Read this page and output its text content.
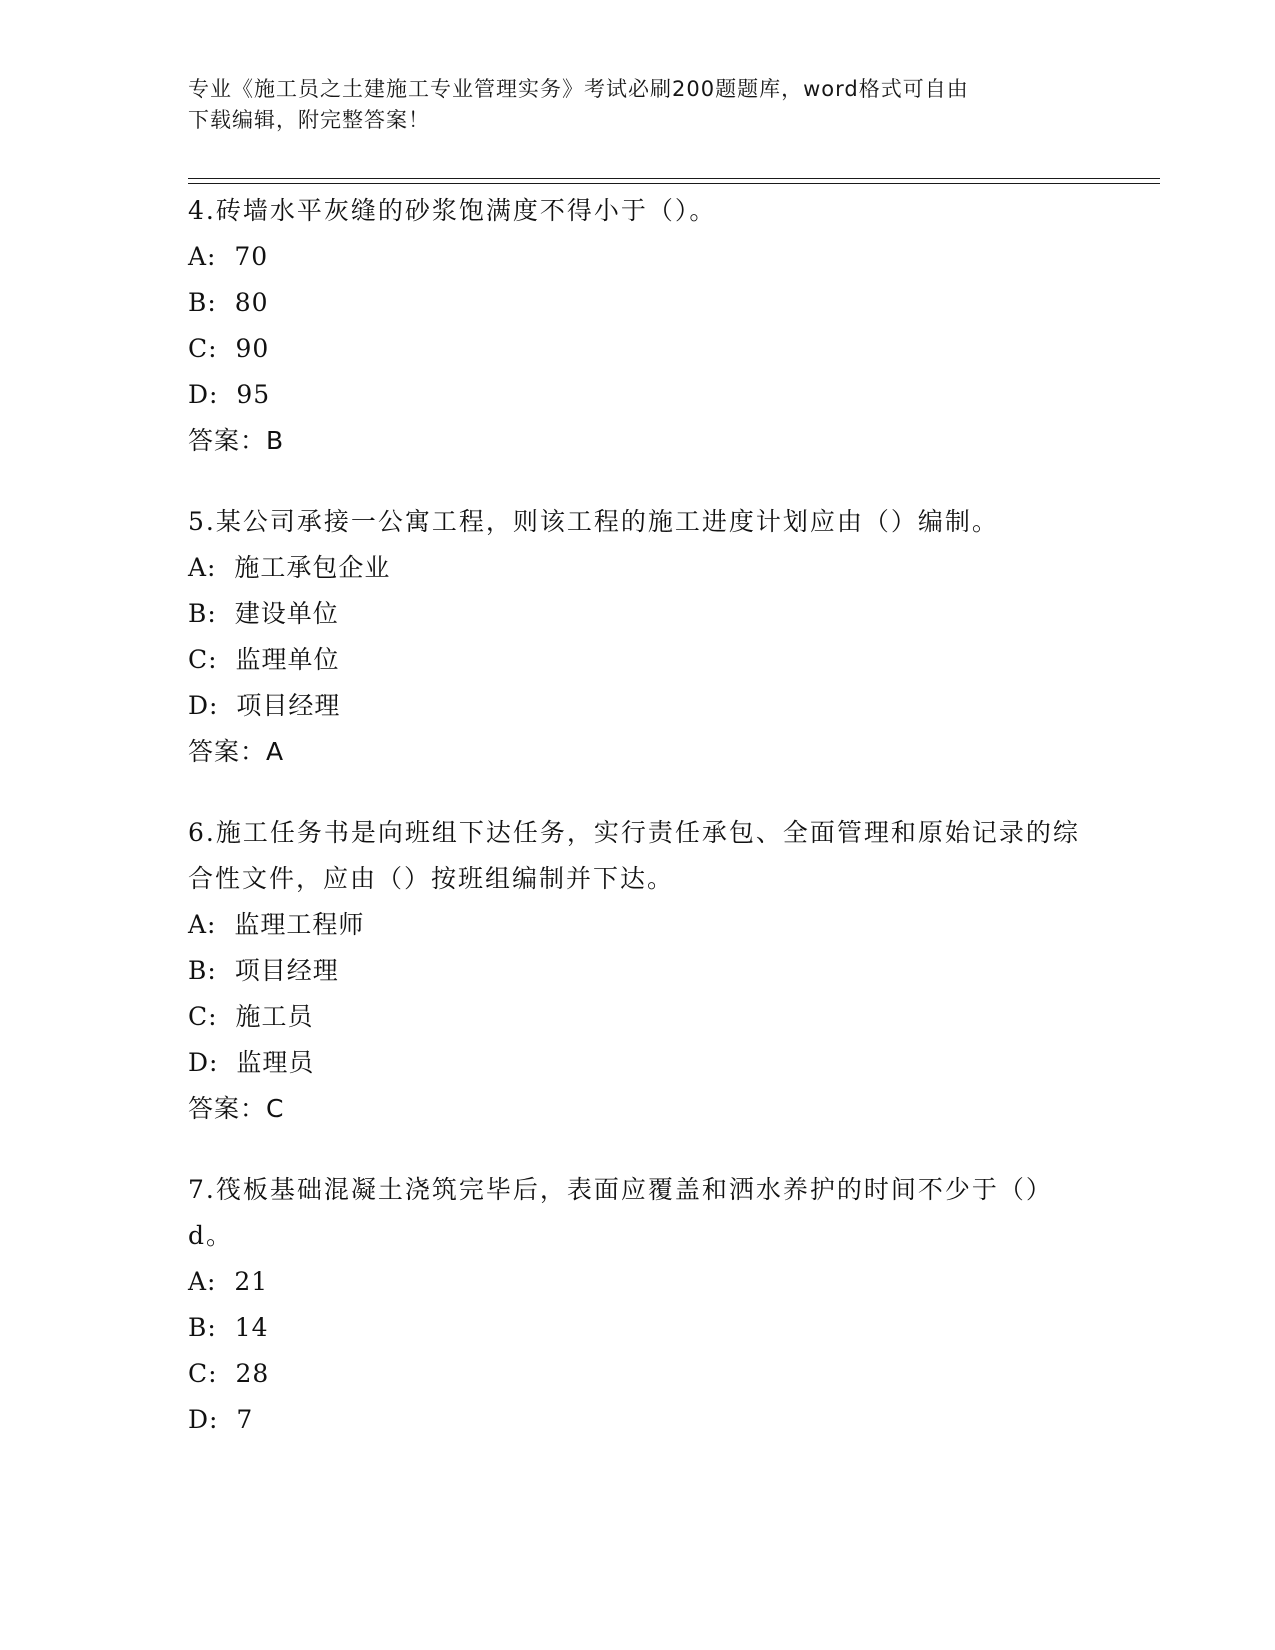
专业《施工员之土建施工专业管理实务》考试必刷200题题库，word格式可自由
下载编辑，附完整答案！
4.砖墙水平灰缝的砂浆饱满度不得小于（）。
A:  70
B:  80
C:  90
D:  95
答案：B
5.某公司承接一公寓工程，则该工程的施工进度计划应由（）编制。
A:  施工承包企业
B:  建设单位
C:  监理单位
D:  项目经理
答案：A
6.施工任务书是向班组下达任务，实行责任承包、全面管理和原始记录的综合性文件，应由（）按班组编制并下达。
A:  监理工程师
B:  项目经理
C:  施工员
D:  监理员
答案：C
7.筏板基础混凝土浇筑完毕后，表面应覆盖和洒水养护的时间不少于（）d。
A:  21
B:  14
C:  28
D:  7
